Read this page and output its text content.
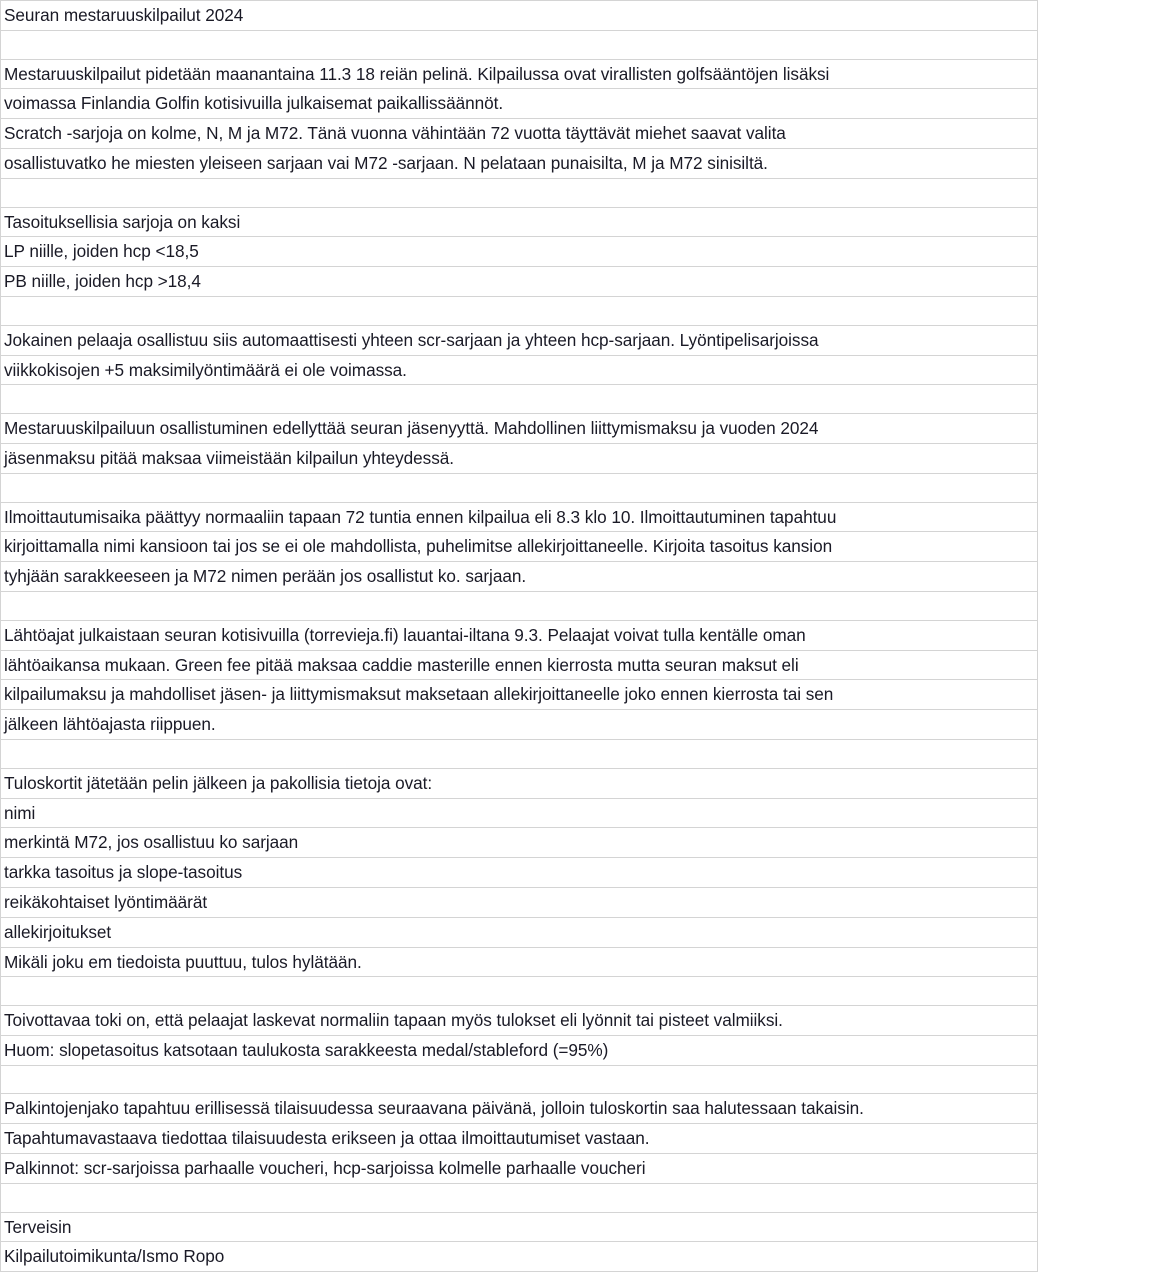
Seuran mestaruuskilpailut 2024

Mestaruuskilpailut pidetään maanantaina 11.3 18 reiän pelinä. Kilpailussa ovat virallisten golfsääntöjen lisäksi

voimassa Finlandia Golfin kotisivuilla julkaisemat paikallissäännöt.

Scratch -sarjoja on kolme, N, M ja M72. Tänä vuonna vähintään 72 vuotta täyttävät miehet saavat valita

osallistuvatko he miesten yleiseen sarjaan vai M72 -sarjaan. N pelataan punaisilta, M ja M72 sinisiltä.

Tasoituksellisia sarjoja on kaksi

LP niille, joiden hcp <18,5

PB niille, joiden hcp >18,4

Jokainen pelaaja osallistuu siis automaattisesti yhteen scr-sarjaan ja yhteen hcp-sarjaan. Lyöntipelisarjoissa

viikkokisojen +5 maksimilyöntimäärä ei ole voimassa.

Mestaruuskilpailuun osallistuminen edellyttää seuran jäsenyyttä. Mahdollinen liittymismaksu ja vuoden 2024

jäsenmaksu pitää maksaa viimeistään kilpailun yhteydessä.

Ilmoittautumisaika päättyy normaaliin tapaan 72 tuntia ennen kilpailua eli 8.3 klo 10. Ilmoittautuminen tapahtuu

kirjoittamalla nimi kansioon tai jos se ei ole mahdollista, puhelimitse allekirjoittaneelle. Kirjoita tasoitus kansion

tyhjään sarakkeeseen ja M72 nimen perään jos osallistut ko. sarjaan.

Lähtöajat julkaistaan seuran kotisivuilla (torrevieja.fi) lauantai-iltana 9.3. Pelaajat voivat tulla kentälle oman

lähtöaikansa mukaan. Green fee pitää maksaa caddie masterille ennen kierrosta mutta seuran maksut eli

kilpailumaksu ja mahdolliset jäsen- ja liittymismaksut maksetaan allekirjoittaneelle joko ennen kierrosta tai sen

jälkeen lähtöajasta riippuen.

Tuloskortit jätetään pelin jälkeen ja pakollisia tietoja ovat:

nimi

merkintä M72, jos osallistuu ko sarjaan

tarkka tasoitus ja slope-tasoitus

reikäkohtaiset lyöntimäärät

allekirjoitukset

Mikäli joku em tiedoista puuttuu, tulos hylätään.

Toivottavaa toki on, että pelaajat laskevat normaliin tapaan myös tulokset eli lyönnit tai pisteet valmiiksi.

Huom: slopetasoitus katsotaan taulukosta sarakkeesta medal/stableford (=95%)

Palkintojenjako tapahtuu erillisessä tilaisuudessa seuraavana päivänä, jolloin tuloskortin saa halutessaan takaisin.

Tapahtumavastaava tiedottaa tilaisuudesta erikseen ja ottaa ilmoittautumiset vastaan.

Palkinnot: scr-sarjoissa parhaalle voucheri, hcp-sarjoissa kolmelle parhaalle voucheri

Terveisin

Kilpailutoimikunta/Ismo Ropo
